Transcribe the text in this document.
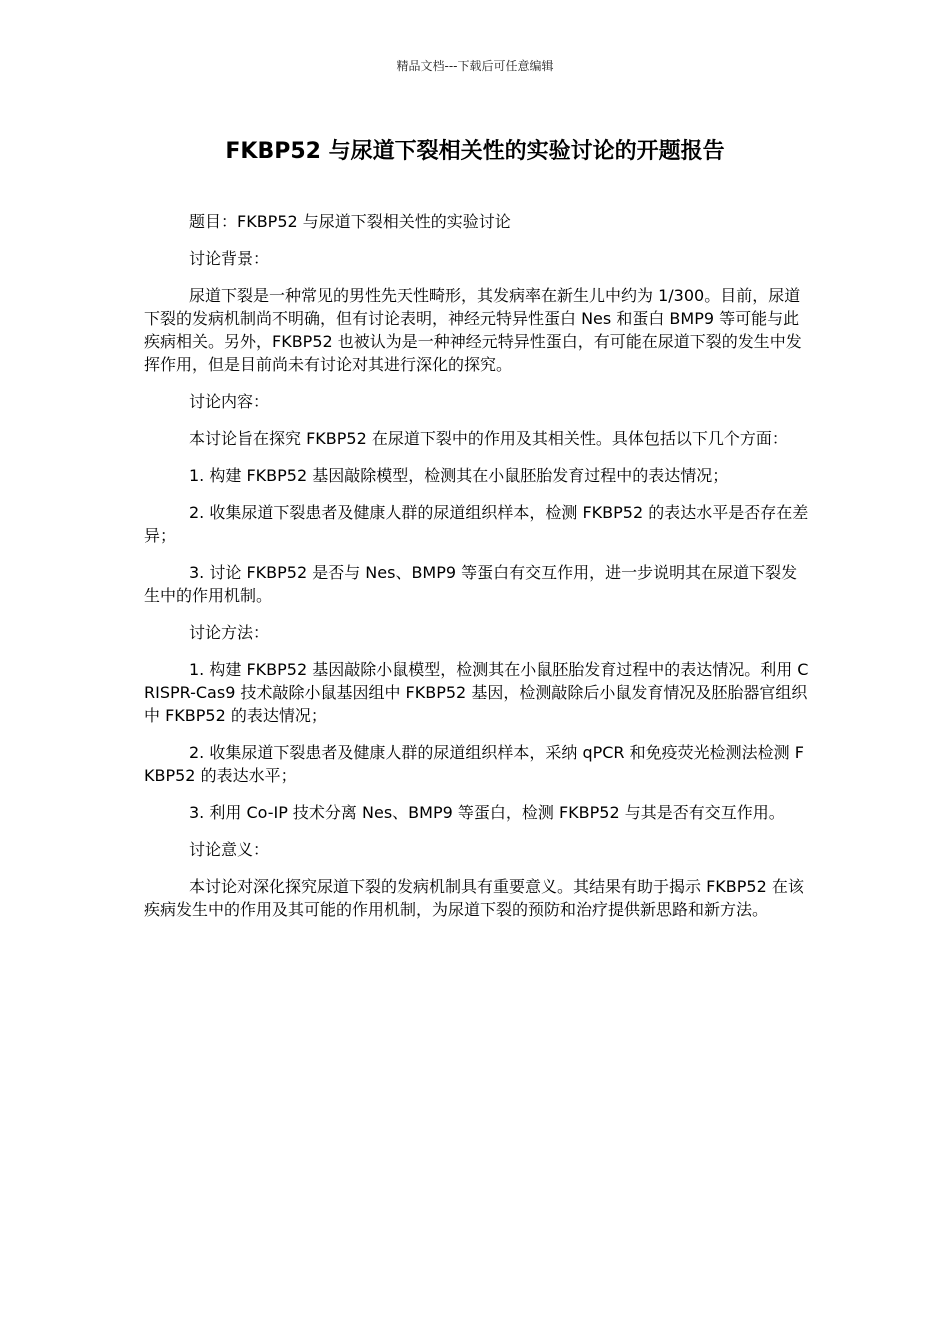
精品文档---下载后可任意编辑
FKBP52 与尿道下裂相关性的实验讨论的开题报告

题目：FKBP52 与尿道下裂相关性的实验讨论

讨论背景：

尿道下裂是一种常见的男性先天性畸形，其发病率在新生儿中约为 1/300。目前，尿道下裂的发病机制尚不明确，但有讨论表明，神经元特异性蛋白 Nes 和蛋白 BMP9 等可能与此疾病相关。另外，FKBP52 也被认为是一种神经元特异性蛋白，有可能在尿道下裂的发生中发挥作用，但是目前尚未有讨论对其进行深化的探究。

讨论内容：

本讨论旨在探究 FKBP52 在尿道下裂中的作用及其相关性。具体包括以下几个方面：

1. 构建 FKBP52 基因敲除模型，检测其在小鼠胚胎发育过程中的表达情况；

2. 收集尿道下裂患者及健康人群的尿道组织样本，检测 FKBP52 的表达水平是否存在差异；

3. 讨论 FKBP52 是否与 Nes、BMP9 等蛋白有交互作用，进一步说明其在尿道下裂发生中的作用机制。

讨论方法：

1. 构建 FKBP52 基因敲除小鼠模型，检测其在小鼠胚胎发育过程中的表达情况。利用 CRISPR-Cas9 技术敲除小鼠基因组中 FKBP52 基因，检测敲除后小鼠发育情况及胚胎器官组织中 FKBP52 的表达情况；

2. 收集尿道下裂患者及健康人群的尿道组织样本，采纳 qPCR 和免疫荧光检测法检测 FKBP52 的表达水平；

3. 利用 Co-IP 技术分离 Nes、BMP9 等蛋白，检测 FKBP52 与其是否有交互作用。

讨论意义：

本讨论对深化探究尿道下裂的发病机制具有重要意义。其结果有助于揭示 FKBP52 在该疾病发生中的作用及其可能的作用机制，为尿道下裂的预防和治疗提供新思路和新方法。
